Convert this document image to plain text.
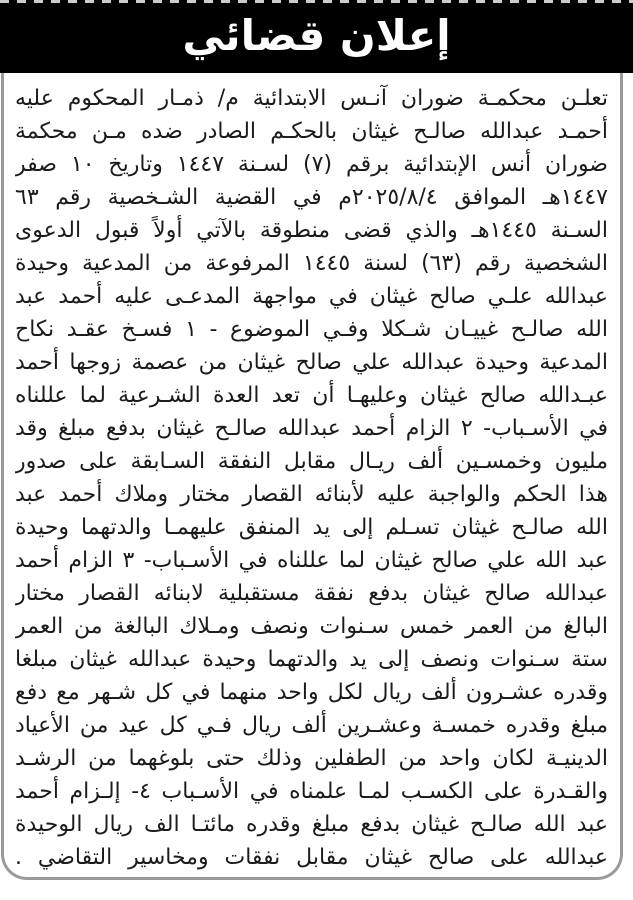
إعلان قضائي
تعلـن محكمـة ضوران آنـس الابتدائية م/ ذمـار المحكوم عليه
أحمـد عبدالله صالـح غيثان بالحكـم الصادر ضده مـن محكمة
ضوران أنس الإبتدائية برقم (٧) لسـنة ١٤٤٧ وتاريخ ١٠ صفر
١٤٤٧هـ الموافق ٢٠٢٥/٨/٤م في القضية الشـخصية رقم ٦٣
السـنة ١٤٤٥هـ والذي قضى منطوقة بالآتي أولاً قبول الدعوى
الشخصية رقم (٦٣) لسنة ١٤٤٥ المرفوعة من المدعية وحيدة
عبدالله علـي صالح غيثان في مواجهة المدعـى عليه أحمد عبد
الله صالـح غييـان شـكلا وفـي الموضوع - ١ فسـخ عقـد نكاح
المدعية وحيدة عبدالله علي صالح غيثان من عصمة زوجها أحمد
عبـدالله صالح غيثان وعليهـا أن تعد العدة الشـرعية لما عللناه
في الأسـباب- ٢ الزام أحمد عبدالله صالـح غيثان بدفع مبلغ وقد
مليون وخمسـين ألف ريـال مقابل النفقة السـابقة على صدور
هذا الحكم والواجبة عليه لأبنائه القصار مختار وملاك أحمد عبد
الله صالـح غيثان تسـلم إلى يد المنفق عليهمـا والدتهما وحيدة
عبد الله علي صالح غيثان لما عللناه في الأسـباب- ٣ الزام أحمد
عبدالله صالح غيثان بدفع نفقة مستقبلية لابنائه القصار مختار
البالغ من العمر خمس سـنوات ونصف ومـلاك البالغة من العمر
ستة سـنوات ونصف إلى يد والدتهما وحيدة عبدالله غيثان مبلغا
وقدره عشـرون ألف ريال لكل واحد منهما في كل شـهر مع دفع
مبلغ وقدره خمسـة وعشـرين ألف ريال فـي كل عيد من الأعياد
الدينيـة لكان واحد من الطفلين وذلك حتى بلوغهما من الرشـد
والقـدرة على الكسـب لمـا علمناه في الأسـباب ٤- إلـزام أحمد
عبد الله صالـح غيثان بدفع مبلغ وقدره مائتـا الف ريال الوحيدة
عبدالله على صالح غيثان مقابل نفقات ومخاسير التقاضي .
